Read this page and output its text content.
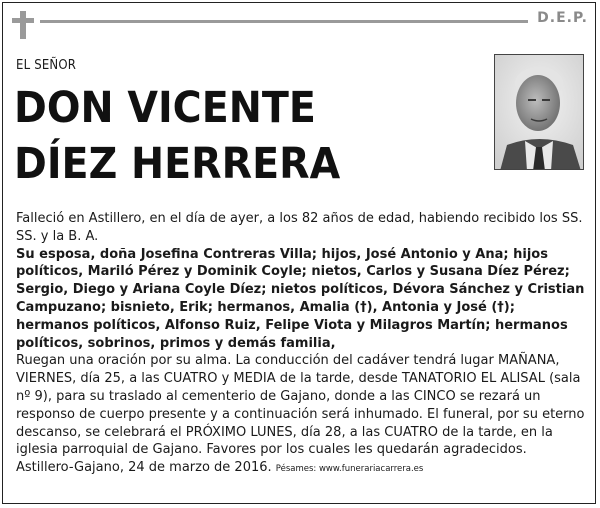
D.E.P.
EL SEÑOR
DON VICENTE
DÍEZ HERRERA

Falleció en Astillero, en el día de ayer, a los 82 años de edad, habiendo recibido los SS. SS. y la B. A.

Su esposa, doña Josefina Contreras Villa; hijos, José Antonio y Ana; hijos políticos, Mariló Pérez y Dominik Coyle; nietos, Carlos y Susana Díez Pérez; Sergio, Diego y Ariana Coyle Díez; nietos políticos, Dévora Sánchez y Cristian Campuzano; bisnieto, Erik; hermanos, Amalia (†), Antonia y José (†); hermanos políticos, Alfonso Ruiz, Felipe Viota y Milagros Martín; hermanos políticos, sobrinos, primos y demás familia,

Ruegan una oración por su alma. La conducción del cadáver tendrá lugar MAÑANA, VIERNES, día 25, a las CUATRO y MEDIA de la tarde, desde TANATORIO EL ALISAL (sala nº 9), para su traslado al cementerio de Gajano, donde a las CINCO se rezará un responso de cuerpo presente y a continuación será inhumado. El funeral, por su eterno descanso, se celebrará el PRÓXIMO LUNES, día 28, a las CUATRO de la tarde, en la iglesia parroquial de Gajano. Favores por los cuales les quedarán agradecidos.

Astillero-Gajano, 24 de marzo de 2016. Pésames: www.funerariacarrera.es
